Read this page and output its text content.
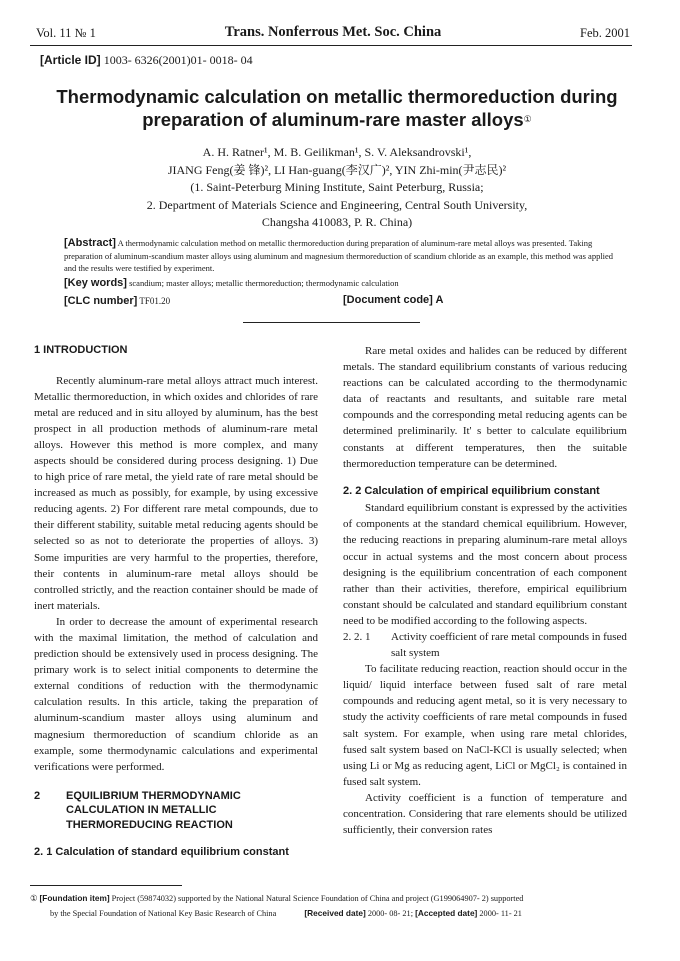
Vol. 11 № 1	Trans. Nonferrous Met. Soc. China	Feb. 2001
[Article ID] 1003- 6326(2001)01- 0018- 04
Thermodynamic calculation on metallic thermoreduction during
preparation of aluminum-rare master alloys①
A. H. Ratner¹, M. B. Geilikman¹, S. V. Aleksandrovski¹,
JIANG Feng(姜 锋)², LI Han-guang(李汉广)², YIN Zhi-min(尹志民)²
(1. Saint-Peterburg Mining Institute, Saint Peterburg, Russia;
2. Department of Materials Science and Engineering, Central South University,
Changsha 410083, P. R. China)
[Abstract] A thermodynamic calculation method on metallic thermoreduction during preparation of aluminum-rare metal alloys was presented. Taking preparation of aluminum-scandium master alloys using aluminum and magnesium thermoreduction of scandium chloride as an example, this method was applied and the results were testified by experiment.
[Key words] scandium; master alloys; metallic thermoreduction; thermodynamic calculation
[CLC number] TF01.20	[Document code] A

1 INTRODUCTION

Recently aluminum-rare metal alloys attract much interest. Metallic thermoreduction, in which oxides and chlorides of rare metal are reduced and in situ alloyed by aluminum, has the best prospect in all production methods of aluminum-rare metal alloys. However this method is more complex, and many aspects should be considered during process designing. 1) Due to high price of rare metal, the yield rate of rare metal should be increased as much as possibly, for example, by using excessive reducing agents. 2) For different rare metal compounds, due to their different stability, suitable metal reducing agents should be selected so as not to deteriorate the properties of alloys. 3) Some impurities are very harmful to the properties, therefore, their contents in aluminum-rare metal alloys should be controlled strictly, and the reaction container should be made of inert materials.

In order to decrease the amount of experimental research with the maximal limitation, the method of calculation and prediction should be extensively used in process designing. The primary work is to select initial components to determine the external conditions of reduction with the thermodynamic calculation results. In this article, taking the preparation of aluminum-scandium master alloys using aluminum and magnesium thermoreduction of scandium chloride as an example, some thermodynamic calculations and experimental verifications were performed.

2	EQUILIBRIUM THERMODYNAMIC CALCULATION IN METALLIC THERMOREDUCING REACTION

2. 1 Calculation of standard equilibrium constant

Rare metal oxides and halides can be reduced by different metals. The standard equilibrium constants of various reducing reactions can be calculated according to the thermodynamic data of reactants and resultants, and suitable rare metal compounds and the corresponding metal reducing agents can be determined preliminarily. It' s better to calculate equilibrium constants at different temperatures, then the suitable thermoreduction temperature can be determined.

2. 2 Calculation of empirical equilibrium constant

Standard equilibrium constant is expressed by the activities of components at the standard chemical equilibrium. However, the reducing reactions in preparing aluminum-rare metal alloys occur in actual systems and the most concern about process designing is the equilibrium concentration of each component rather than their activities, therefore, empirical equilibrium constant should be calculated and standard equilibrium constant need to be modified according to the following aspects.

2. 2. 1	Activity coefficient of rare metal compounds in fused salt system

To facilitate reducing reaction, reaction should occur in the liquid/ liquid interface between fused salt of rare metal compounds and reducing agent metal, so it is very necessary to study the activity coefficients of rare metal compounds in fused salt system. For example, when using rare metal chlorides, fused salt system based on NaCl-KCl is usually selected; when using Li or Mg as reducing agent, LiCl or MgCl₂ is contained in fused salt system.

Activity coefficient is a function of temperature and concentration. Considering that rare elements should be utilized sufficiently, their conversion rates

① [Foundation item] Project (59874032) supported by the National Natural Science Foundation of China and project (G199064907- 2) supported
by the Special Foundation of National Key Basic Research of China	[Received date] 2000- 08- 21; [Accepted date] 2000- 11- 21
